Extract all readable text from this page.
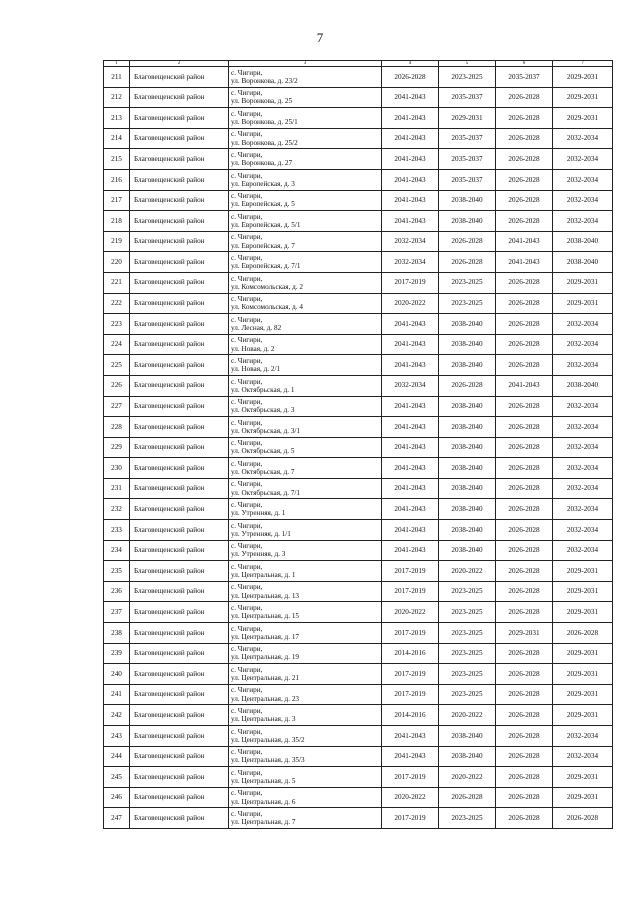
7
1	2	3	4	5	6	7
211	Благовещенский район	с. Чигири,
ул. Воронкова, д. 23/2	2026-2028	2023-2025	2035-2037	2029-2031
212	Благовещенский район	с. Чигири,
ул. Воронкова, д. 25	2041-2043	2035-2037	2026-2028	2029-2031
213	Благовещенский район	с. Чигири,
ул. Воронкова, д. 25/1	2041-2043	2029-2031	2026-2028	2029-2031
214	Благовещенский район	с. Чигири,
ул. Воронкова, д. 25/2	2041-2043	2035-2037	2026-2028	2032-2034
215	Благовещенский район	с. Чигири,
ул. Воронкова, д. 27	2041-2043	2035-2037	2026-2028	2032-2034
216	Благовещенский район	с. Чигири,
ул. Европейская, д. 3	2041-2043	2035-2037	2026-2028	2032-2034
217	Благовещенский район	с. Чигири,
ул. Европейская, д. 5	2041-2043	2038-2040	2026-2028	2032-2034
218	Благовещенский район	с. Чигири,
ул. Европейская, д. 5/1	2041-2043	2038-2040	2026-2028	2032-2034
219	Благовещенский район	с. Чигири,
ул. Европейская, д. 7	2032-2034	2026-2028	2041-2043	2038-2040
220	Благовещенский район	с. Чигири,
ул. Европейская, д. 7/1	2032-2034	2026-2028	2041-2043	2038-2040
221	Благовещенский район	с. Чигири,
ул. Комсомольская, д. 2	2017-2019	2023-2025	2026-2028	2029-2031
222	Благовещенский район	с. Чигири,
ул. Комсомольская, д. 4	2020-2022	2023-2025	2026-2028	2029-2031
223	Благовещенский район	с. Чигири,
ул. Лесная, д. 82	2041-2043	2038-2040	2026-2028	2032-2034
224	Благовещенский район	с. Чигири,
ул. Новая, д. 2	2041-2043	2038-2040	2026-2028	2032-2034
225	Благовещенский район	с. Чигири,
ул. Новая, д. 2/1	2041-2043	2038-2040	2026-2028	2032-2034
226	Благовещенский район	с. Чигири,
ул. Октябрьская, д. 1	2032-2034	2026-2028	2041-2043	2038-2040
227	Благовещенский район	с. Чигири,
ул. Октябрьская, д. 3	2041-2043	2038-2040	2026-2028	2032-2034
228	Благовещенский район	с. Чигири,
ул. Октябрьская, д. 3/1	2041-2043	2038-2040	2026-2028	2032-2034
229	Благовещенский район	с. Чигири,
ул. Октябрьская, д. 5	2041-2043	2038-2040	2026-2028	2032-2034
230	Благовещенский район	с. Чигири,
ул. Октябрьская, д. 7	2041-2043	2038-2040	2026-2028	2032-2034
231	Благовещенский район	с. Чигири,
ул. Октябрьская, д. 7/1	2041-2043	2038-2040	2026-2028	2032-2034
232	Благовещенский район	с. Чигири,
ул. Утренняя, д. 1	2041-2043	2038-2040	2026-2028	2032-2034
233	Благовещенский район	с. Чигири,
ул. Утренняя, д. 1/1	2041-2043	2038-2040	2026-2028	2032-2034
234	Благовещенский район	с. Чигири,
ул. Утренняя, д. 3	2041-2043	2038-2040	2026-2028	2032-2034
235	Благовещенский район	с. Чигири,
ул. Центральная, д. 1	2017-2019	2020-2022	2026-2028	2029-2031
236	Благовещенский район	с. Чигири,
ул. Центральная, д. 13	2017-2019	2023-2025	2026-2028	2029-2031
237	Благовещенский район	с. Чигири,
ул. Центральная, д. 15	2020-2022	2023-2025	2026-2028	2029-2031
238	Благовещенский район	с. Чигири,
ул. Центральная, д. 17	2017-2019	2023-2025	2029-2031	2026-2028
239	Благовещенский район	с. Чигири,
ул. Центральная, д. 19	2014-2016	2023-2025	2026-2028	2029-2031
240	Благовещенский район	с. Чигири,
ул. Центральная, д. 21	2017-2019	2023-2025	2026-2028	2029-2031
241	Благовещенский район	с. Чигири,
ул. Центральная, д. 23	2017-2019	2023-2025	2026-2028	2029-2031
242	Благовещенский район	с. Чигири,
ул. Центральная, д. 3	2014-2016	2020-2022	2026-2028	2029-2031
243	Благовещенский район	с. Чигири,
ул. Центральная, д. 35/2	2041-2043	2038-2040	2026-2028	2032-2034
244	Благовещенский район	с. Чигири,
ул. Центральная, д. 35/3	2041-2043	2038-2040	2026-2028	2032-2034
245	Благовещенский район	с. Чигири,
ул. Центральная, д. 5	2017-2019	2020-2022	2026-2028	2029-2031
246	Благовещенский район	с. Чигири,
ул. Центральная, д. 6	2020-2022	2026-2028	2026-2028	2029-2031
247	Благовещенский район	с. Чигири,
ул. Центральная, д. 7	2017-2019	2023-2025	2026-2028	2026-2028
